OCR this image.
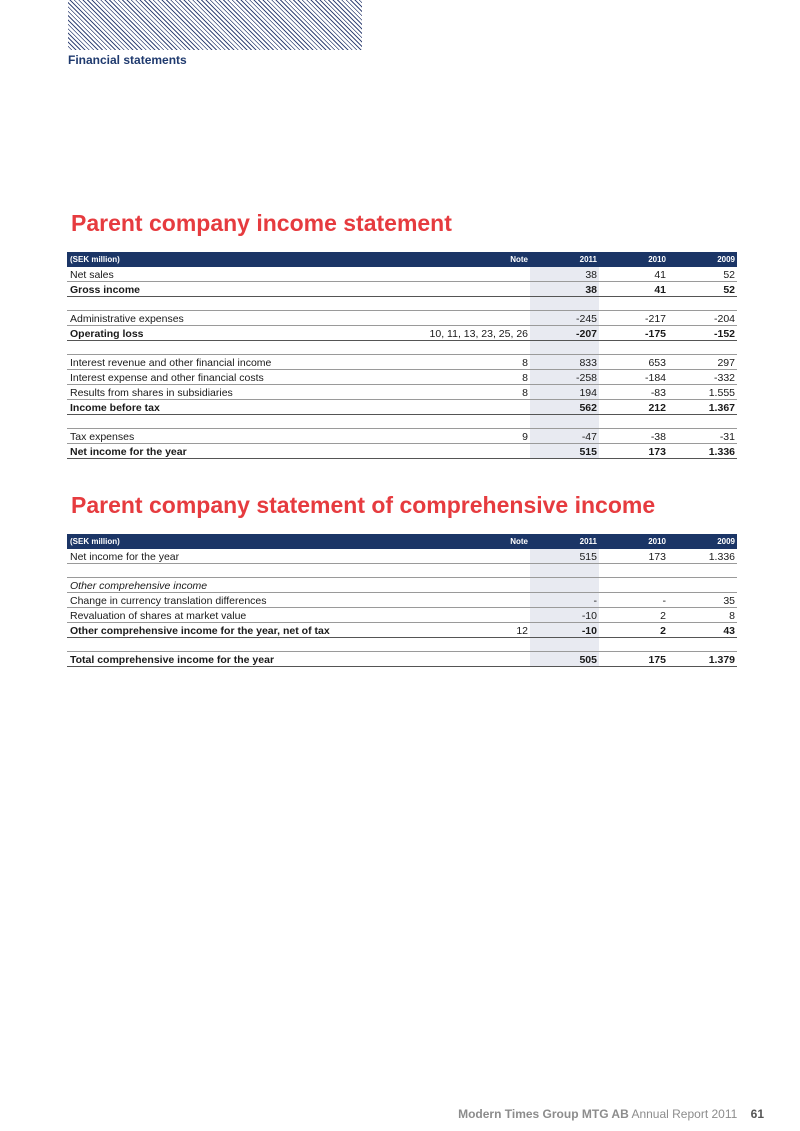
Financial statements
Parent company income statement
(SEK million)	Note	2011	2010	2009
Net sales		38	41	52
Gross income		38	41	52

Administrative expenses		-245	-217	-204
Operating loss	10, 11, 13, 23, 25, 26	-207	-175	-152

Interest revenue and other financial income	8	833	653	297
Interest expense and other financial costs	8	-258	-184	-332
Results from shares in subsidiaries	8	194	-83	1.555
Income before tax		562	212	1.367

Tax expenses	9	-47	-38	-31
Net income for the year		515	173	1.336
Parent company statement of comprehensive income
(SEK million)	Note	2011	2010	2009
Net income for the year		515	173	1.336

Other comprehensive income				
Change in currency translation differences		-	-	35
Revaluation of shares at market value		-10	2	8
Other comprehensive income for the year, net of tax	12	-10	2	43

Total comprehensive income for the year		505	175	1.379
Modern Times Group MTG AB Annual Report 2011 61
